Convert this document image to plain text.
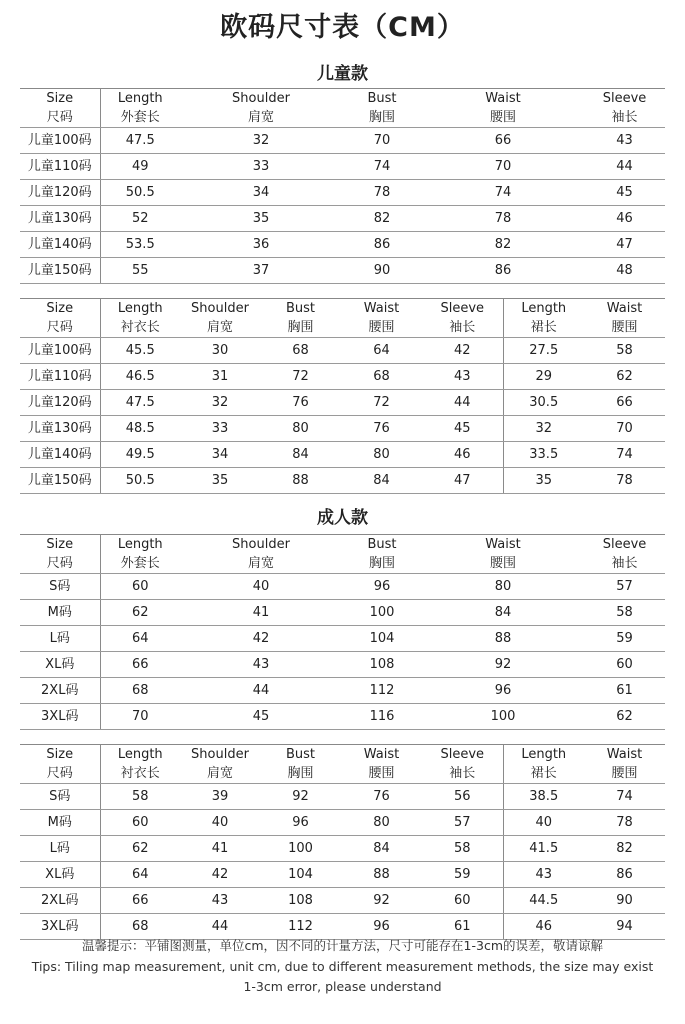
欧码尺寸表（CM）
儿童款
Size	Length	Shoulder	Bust	Waist	Sleeve
尺码	外套长	肩宽	胸围	腰围	袖长
儿童100码	47.5	32	70	66	43
儿童110码	49	33	74	70	44
儿童120码	50.5	34	78	74	45
儿童130码	52	35	82	78	46
儿童140码	53.5	36	86	82	47
儿童150码	55	37	90	86	48
Size	Length	Shoulder	Bust	Waist	Sleeve	Length	Waist
尺码	衬衣长	肩宽	胸围	腰围	袖长	裙长	腰围
儿童100码	45.5	30	68	64	42	27.5	58
儿童110码	46.5	31	72	68	43	29	62
儿童120码	47.5	32	76	72	44	30.5	66
儿童130码	48.5	33	80	76	45	32	70
儿童140码	49.5	34	84	80	46	33.5	74
儿童150码	50.5	35	88	84	47	35	78
成人款
Size	Length	Shoulder	Bust	Waist	Sleeve
尺码	外套长	肩宽	胸围	腰围	袖长
S码	60	40	96	80	57
M码	62	41	100	84	58
L码	64	42	104	88	59
XL码	66	43	108	92	60
2XL码	68	44	112	96	61
3XL码	70	45	116	100	62
Size	Length	Shoulder	Bust	Waist	Sleeve	Length	Waist
尺码	衬衣长	肩宽	胸围	腰围	袖长	裙长	腰围
S码	58	39	92	76	56	38.5	74
M码	60	40	96	80	57	40	78
L码	62	41	100	84	58	41.5	82
XL码	64	42	104	88	59	43	86
2XL码	66	43	108	92	60	44.5	90
3XL码	68	44	112	96	61	46	94
温馨提示：平铺图测量，单位cm，因不同的计量方法，尺寸可能存在1-3cm的误差，敬请谅解
Tips: Tiling map measurement, unit cm, due to different measurement methods, the size may exist
1-3cm error, please understand
